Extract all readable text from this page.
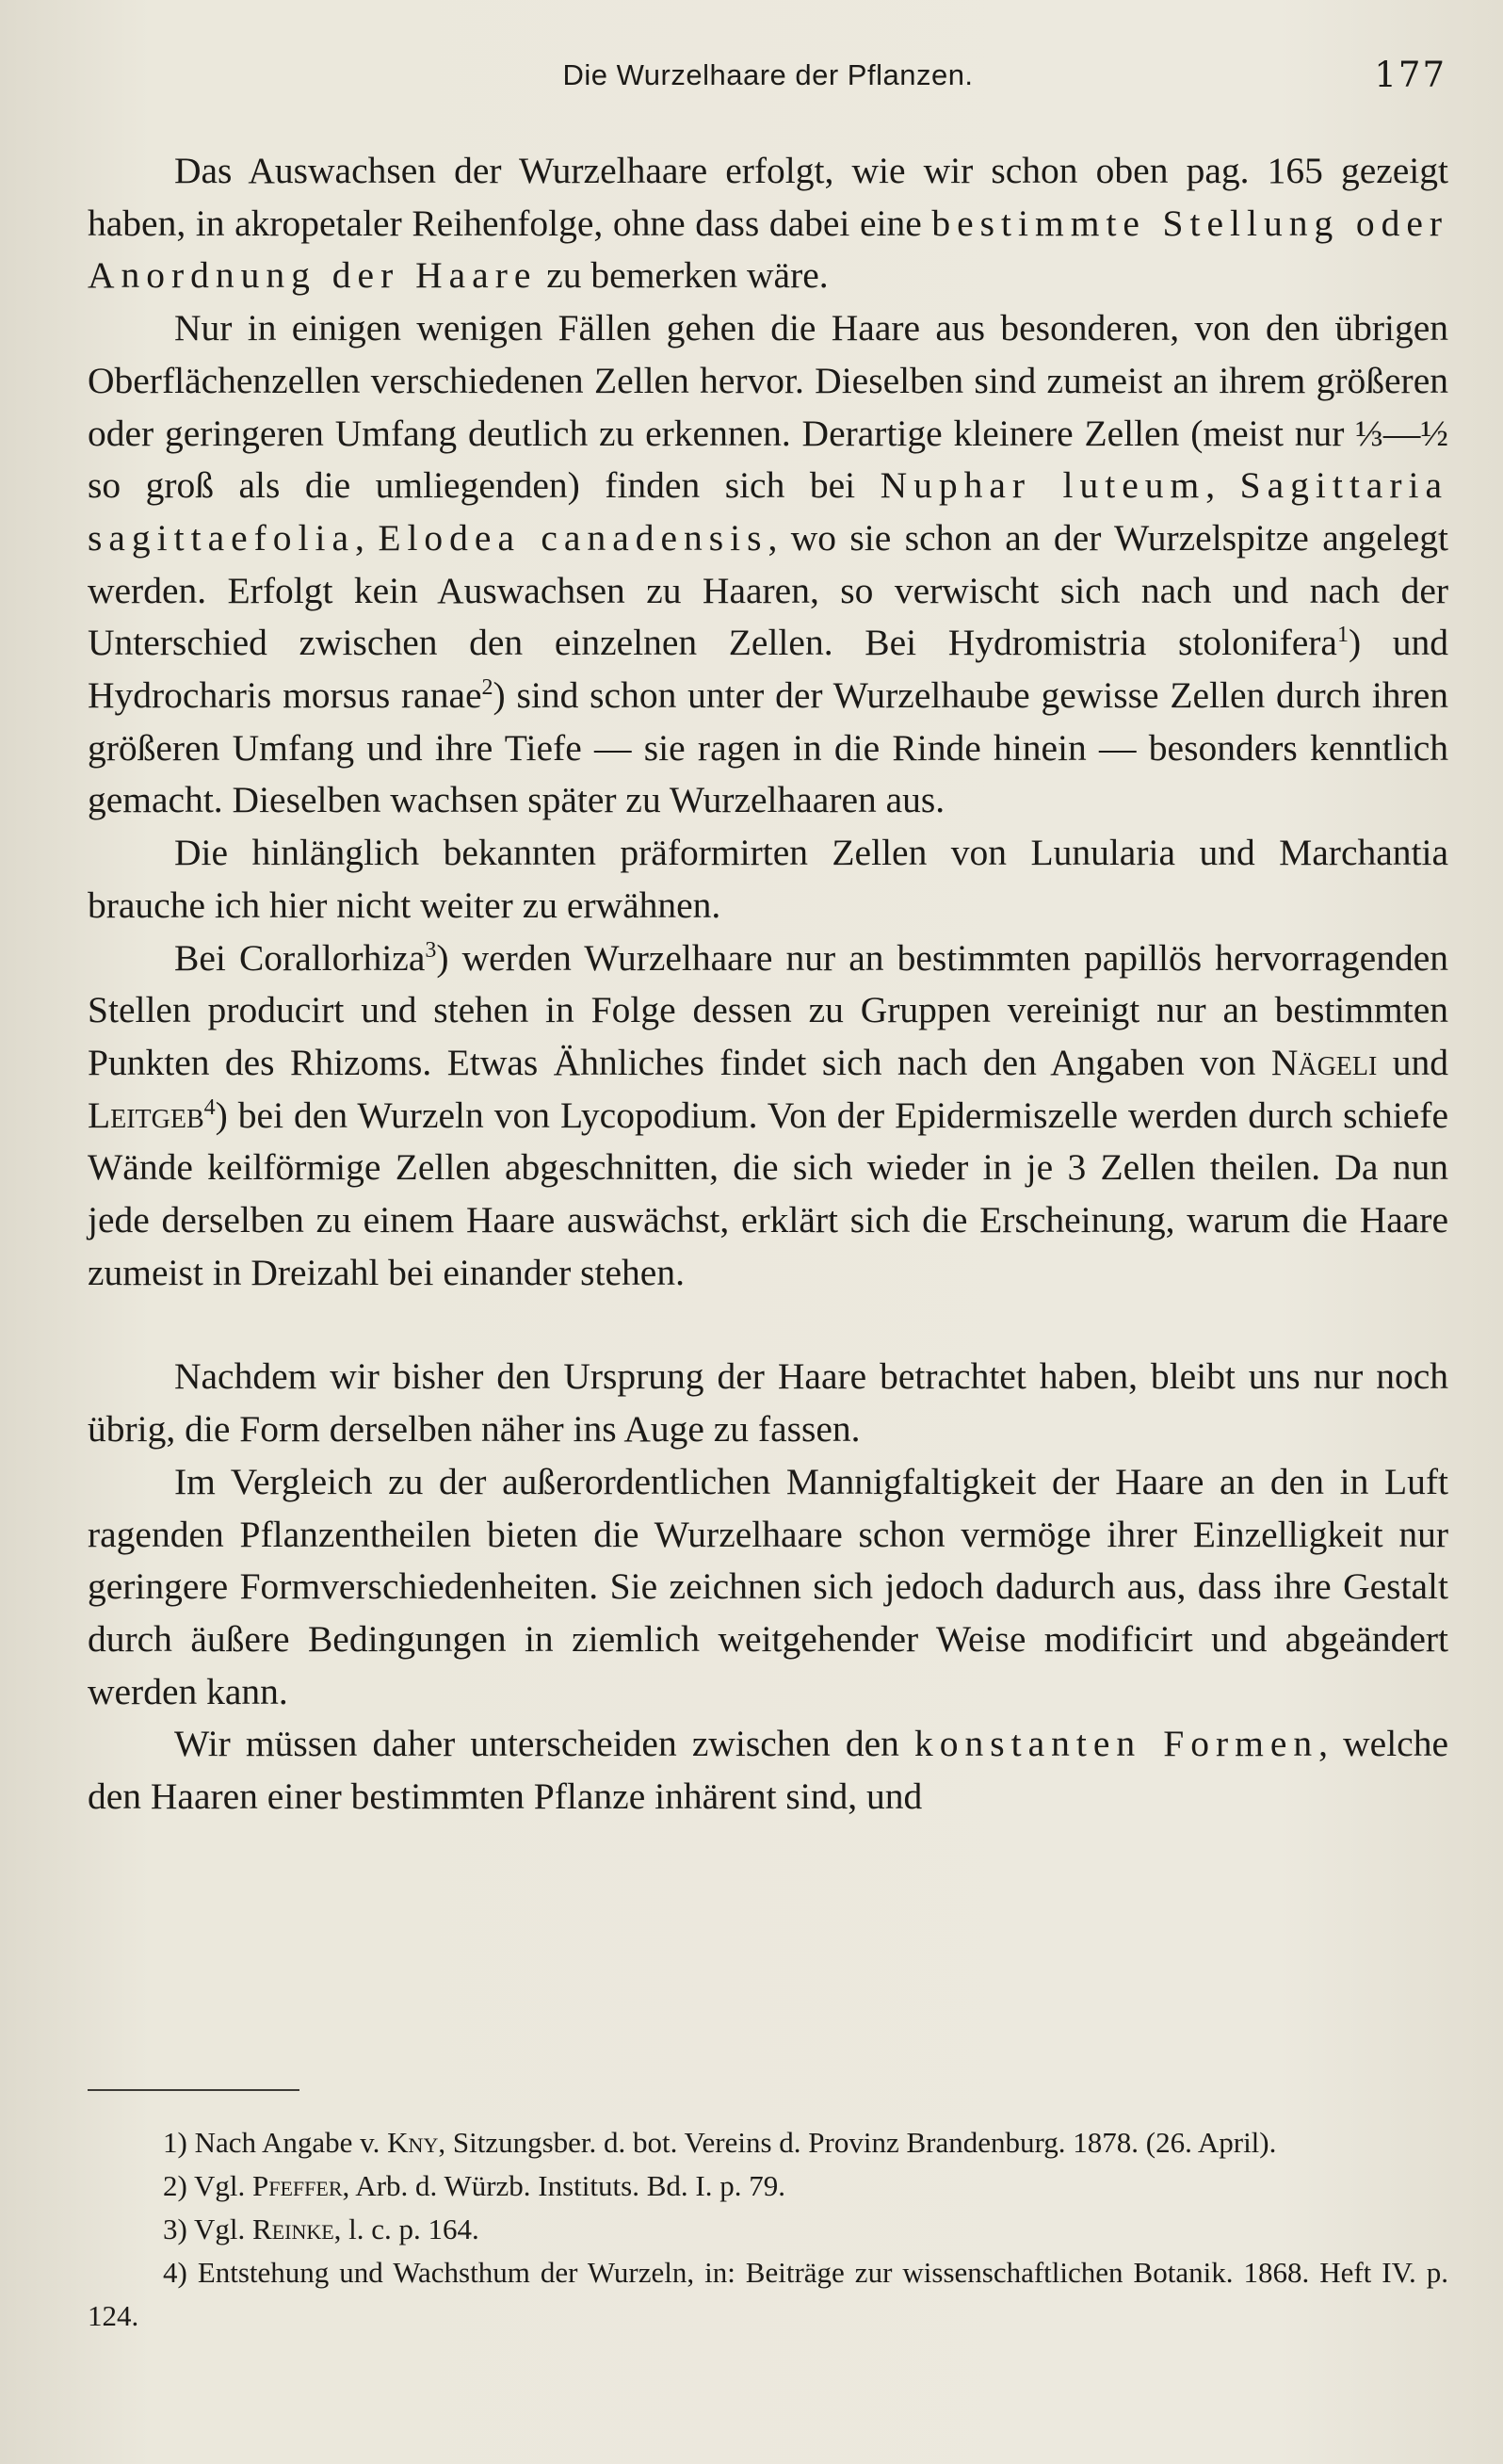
Die Wurzelhaare der Pflanzen.	177

Das Auswachsen der Wurzelhaare erfolgt, wie wir schon oben pag. 165 gezeigt haben, in akropetaler Reihenfolge, ohne dass dabei eine bestimmte Stellung oder Anordnung der Haare zu bemerken wäre.

Nur in einigen wenigen Fällen gehen die Haare aus besonderen, von den übrigen Oberflächenzellen verschiedenen Zellen hervor. Dieselben sind zumeist an ihrem größeren oder geringeren Umfang deutlich zu erkennen. Derartige kleinere Zellen (meist nur ⅓—½ so groß als die umliegenden) finden sich bei Nuphar luteum, Sagittaria sagittaefolia, Elodea canadensis, wo sie schon an der Wurzelspitze angelegt werden. Erfolgt kein Auswachsen zu Haaren, so verwischt sich nach und nach der Unterschied zwischen den einzelnen Zellen. Bei Hydromistria stolonifera$^1$) und Hydrocharis morsus ranae$^2$) sind schon unter der Wurzelhaube gewisse Zellen durch ihren größeren Umfang und ihre Tiefe — sie ragen in die Rinde hinein — besonders kenntlich gemacht. Dieselben wachsen später zu Wurzelhaaren aus.

Die hinlänglich bekannten präformirten Zellen von Lunularia und Marchantia brauche ich hier nicht weiter zu erwähnen.

Bei Corallorhiza$^3$) werden Wurzelhaare nur an bestimmten papillös hervorragenden Stellen producirt und stehen in Folge dessen zu Gruppen vereinigt nur an bestimmten Punkten des Rhizoms. Etwas Ähnliches findet sich nach den Angaben von Nägeli und Leitgeb$^4$) bei den Wurzeln von Lycopodium. Von der Epidermiszelle werden durch schiefe Wände keilförmige Zellen abgeschnitten, die sich wieder in je 3 Zellen theilen. Da nun jede derselben zu einem Haare auswächst, erklärt sich die Erscheinung, warum die Haare zumeist in Dreizahl bei einander stehen.

Nachdem wir bisher den Ursprung der Haare betrachtet haben, bleibt uns nur noch übrig, die Form derselben näher ins Auge zu fassen.

Im Vergleich zu der außerordentlichen Mannigfaltigkeit der Haare an den in Luft ragenden Pflanzentheilen bieten die Wurzelhaare schon vermöge ihrer Einzelligkeit nur geringere Formverschiedenheiten. Sie zeichnen sich jedoch dadurch aus, dass ihre Gestalt durch äußere Bedingungen in ziemlich weitgehender Weise modificirt und abgeändert werden kann.

Wir müssen daher unterscheiden zwischen den konstanten Formen, welche den Haaren einer bestimmten Pflanze inhärent sind, und

1) Nach Angabe v. Kny, Sitzungsber. d. bot. Vereins d. Provinz Brandenburg. 1878. (26. April).

2) Vgl. Pfeffer, Arb. d. Würzb. Instituts. Bd. I. p. 79.

3) Vgl. Reinke, l. c. p. 164.

4) Entstehung und Wachsthum der Wurzeln, in: Beiträge zur wissenschaftlichen Botanik. 1868. Heft IV. p. 124.
